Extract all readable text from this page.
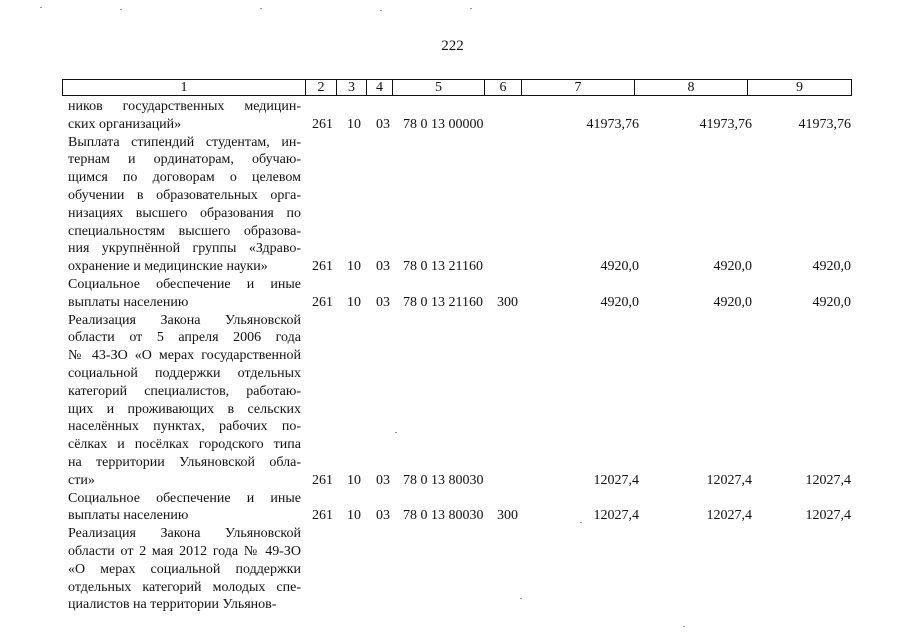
222
1	2	3	4	5	6	7	8	9
ников государственных медицин-
ских организаций»	261 10 03 78 0 13 00000	41973,76	41973,76	41973,76
Выплата стипендий студентам, ин-
тернам и ординаторам, обучаю-
щимся по договорам о целевом
обучении в образовательных орга-
низациях высшего образования по
специальностям высшего образова-
ния укрупнённой группы «Здраво-
охранение и медицинские науки»	261 10 03 78 0 13 21160	4920,0	4920,0	4920,0
Социальное обеспечение и иные
выплаты населению	261 10 03 78 0 13 21160 300	4920,0	4920,0	4920,0
Реализация Закона Ульяновской
области от 5 апреля 2006 года
№ 43-ЗО «О мерах государственной
социальной поддержки отдельных
категорий специалистов, работаю-
щих и проживающих в сельских
населённых пунктах, рабочих по-
сёлках и посёлках городского типа
на территории Ульяновской обла-
сти»	261 10 03 78 0 13 80030	12027,4	12027,4	12027,4
Социальное обеспечение и иные
выплаты населению	261 10 03 78 0 13 80030 300	12027,4	12027,4	12027,4
Реализация Закона Ульяновской
области от 2 мая 2012 года № 49-ЗО
«О мерах социальной поддержки
отдельных категорий молодых спе-
циалистов на территории Ульянов-
